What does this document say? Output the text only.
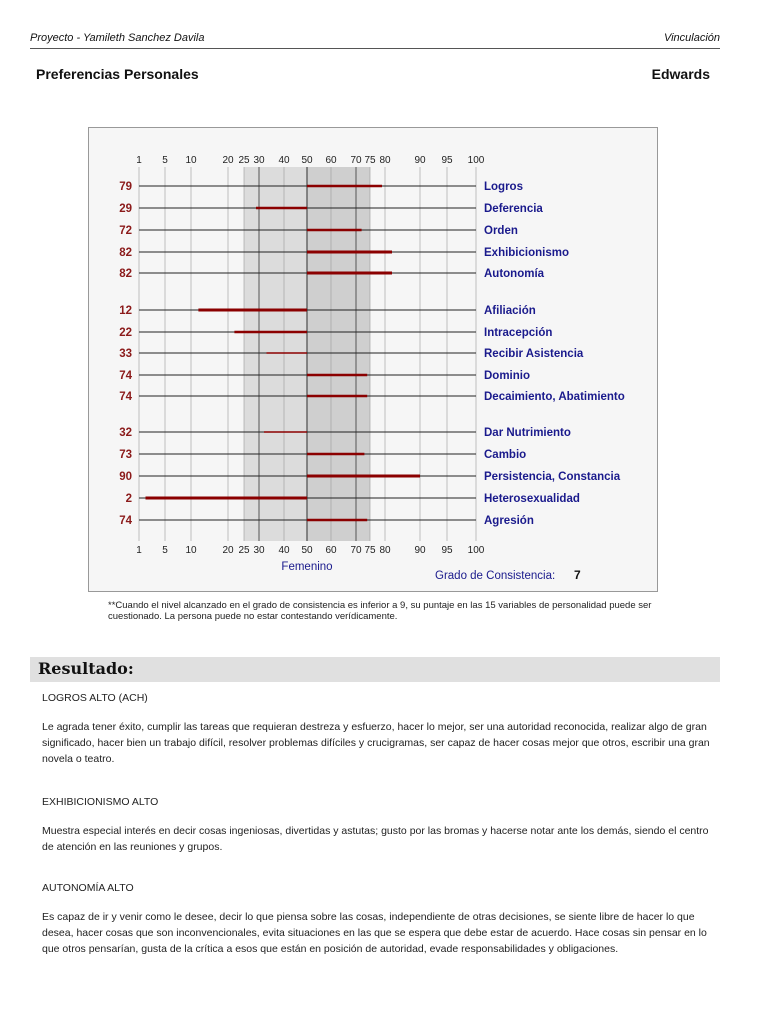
Proyecto - Yamileth Sanchez Davila	Vinculación
Preferencias Personales	Edwards
1
1
5
5
10
10
20
20
25
25
30
30
40
40
50
50
60
60
70
70
75
75
80
80
90
90
95
95
100
100
79	Logros
29	Deferencia
72	Orden
82	Exhibicionismo
82	Autonomía
12	Afiliación
22	Intracepción
33	Recibir Asistencia
74	Dominio
74	Decaimiento, Abatimiento
32	Dar Nutrimiento
73	Cambio
90	Persistencia, Constancia
2	Heterosexualidad
74	Agresión
Femenino
Grado de Consistencia: 7
**Cuando el nivel alcanzado en el grado de consistencia es inferior a 9, su puntaje en las 15 variables de personalidad puede ser cuestionado. La persona puede no estar contestando verídicamente.
Resultado:
LOGROS ALTO (ACH)
Le agrada tener éxito, cumplir las tareas que requieran destreza y esfuerzo, hacer lo mejor, ser una autoridad reconocida, realizar algo de gran significado, hacer bien un trabajo difícil, resolver problemas difíciles y crucigramas, ser capaz de hacer cosas mejor que otros, escribir una gran novela o teatro.
EXHIBICIONISMO ALTO
Muestra especial interés en decir cosas ingeniosas, divertidas y astutas; gusto por las bromas y hacerse notar ante los demás, siendo el centro de atención en las reuniones y grupos.
AUTONOMÍA ALTO
Es capaz de ir y venir como le desee, decir lo que piensa sobre las cosas, independiente de otras decisiones, se siente libre de hacer lo que desea, hacer cosas que son inconvencionales, evita situaciones en las que se espera que debe estar de acuerdo. Hace cosas sin pensar en lo que otros pensarían, gusta de la crítica a esos que están en posición de autoridad, evade responsabilidades y obligaciones.
